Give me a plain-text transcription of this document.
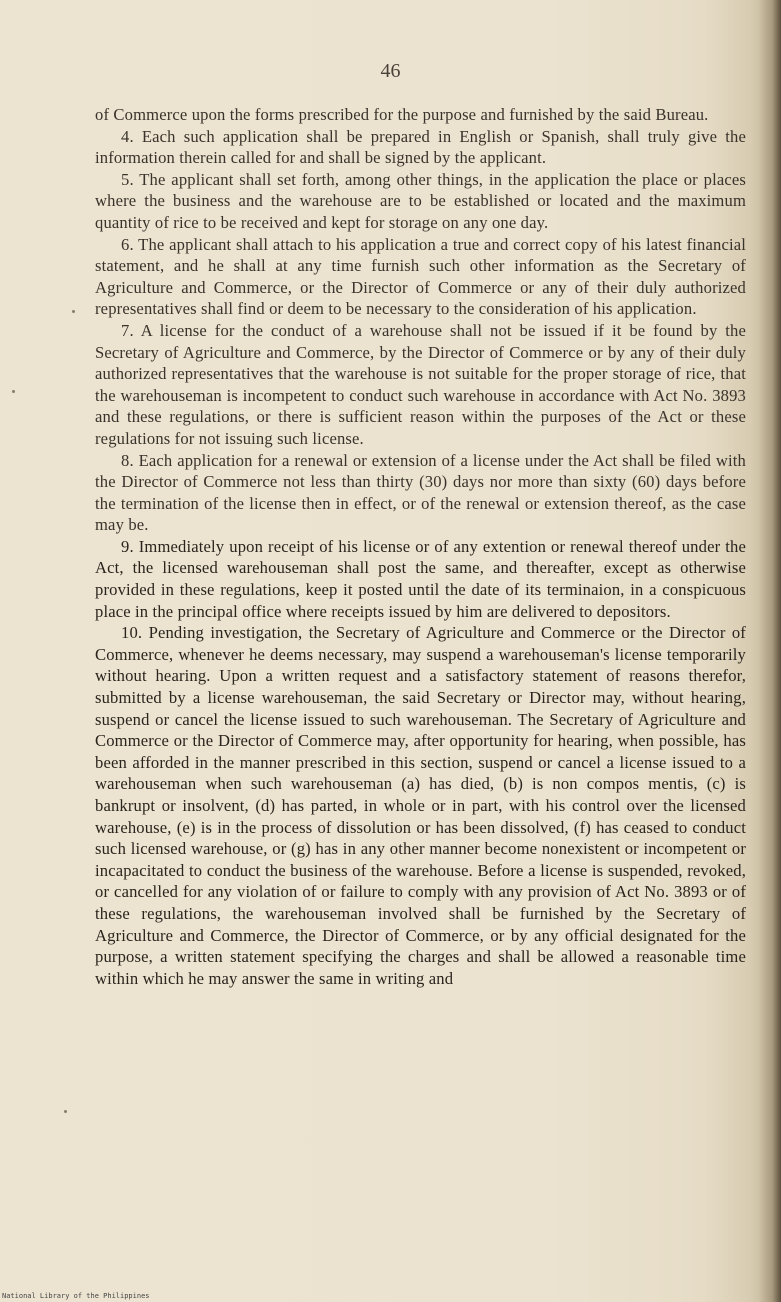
46

of Commerce upon the forms prescribed for the purpose and furnished by the said Bureau.

4. Each such application shall be prepared in English or Spanish, shall truly give the information therein called for and shall be signed by the applicant.

5. The applicant shall set forth, among other things, in the application the place or places where the business and the warehouse are to be established or located and the maximum quantity of rice to be received and kept for storage on any one day.

6. The applicant shall attach to his application a true and correct copy of his latest financial statement, and he shall at any time furnish such other information as the Secretary of Agriculture and Commerce, or the Director of Commerce or any of their duly authorized representatives shall find or deem to be necessary to the consideration of his application.

7. A license for the conduct of a warehouse shall not be issued if it be found by the Secretary of Agriculture and Commerce, by the Director of Commerce or by any of their duly authorized representatives that the warehouse is not suitable for the proper storage of rice, that the warehouseman is incompetent to conduct such warehouse in accordance with Act No. 3893 and these regulations, or there is sufficient reason within the purposes of the Act or these regulations for not issuing such license.

8. Each application for a renewal or extension of a license under the Act shall be filed with the Director of Commerce not less than thirty (30) days nor more than sixty (60) days before the termination of the license then in effect, or of the renewal or extension thereof, as the case may be.

9. Immediately upon receipt of his license or of any extention or renewal thereof under the Act, the licensed warehouseman shall post the same, and thereafter, except as otherwise provided in these regulations, keep it posted until the date of its terminaion, in a conspicuous place in the principal office where receipts issued by him are delivered to depositors.

10. Pending investigation, the Secretary of Agriculture and Commerce or the Director of Commerce, whenever he deems necessary, may suspend a warehouseman's license temporarily without hearing. Upon a written request and a satisfactory statement of reasons therefor, submitted by a license warehouseman, the said Secretary or Director may, without hearing, suspend or cancel the license issued to such warehouseman. The Secretary of Agriculture and Commerce or the Director of Commerce may, after opportunity for hearing, when possible, has been afforded in the manner prescribed in this section, suspend or cancel a license issued to a warehouseman when such warehouseman (a) has died, (b) is non compos mentis, (c) is bankrupt or insolvent, (d) has parted, in whole or in part, with his control over the licensed warehouse, (e) is in the process of dissolution or has been dissolved, (f) has ceased to conduct such licensed warehouse, or (g) has in any other manner become nonexistent or incompetent or incapacitated to conduct the business of the warehouse. Before a license is suspended, revoked, or cancelled for any violation of or failure to comply with any provision of Act No. 3893 or of these regulations, the warehouseman involved shall be furnished by the Secretary of Agriculture and Commerce, the Director of Commerce, or by any official designated for the purpose, a written statement specifying the charges and shall be allowed a reasonable time within which he may answer the same in writing and

National Library of the Philippines
